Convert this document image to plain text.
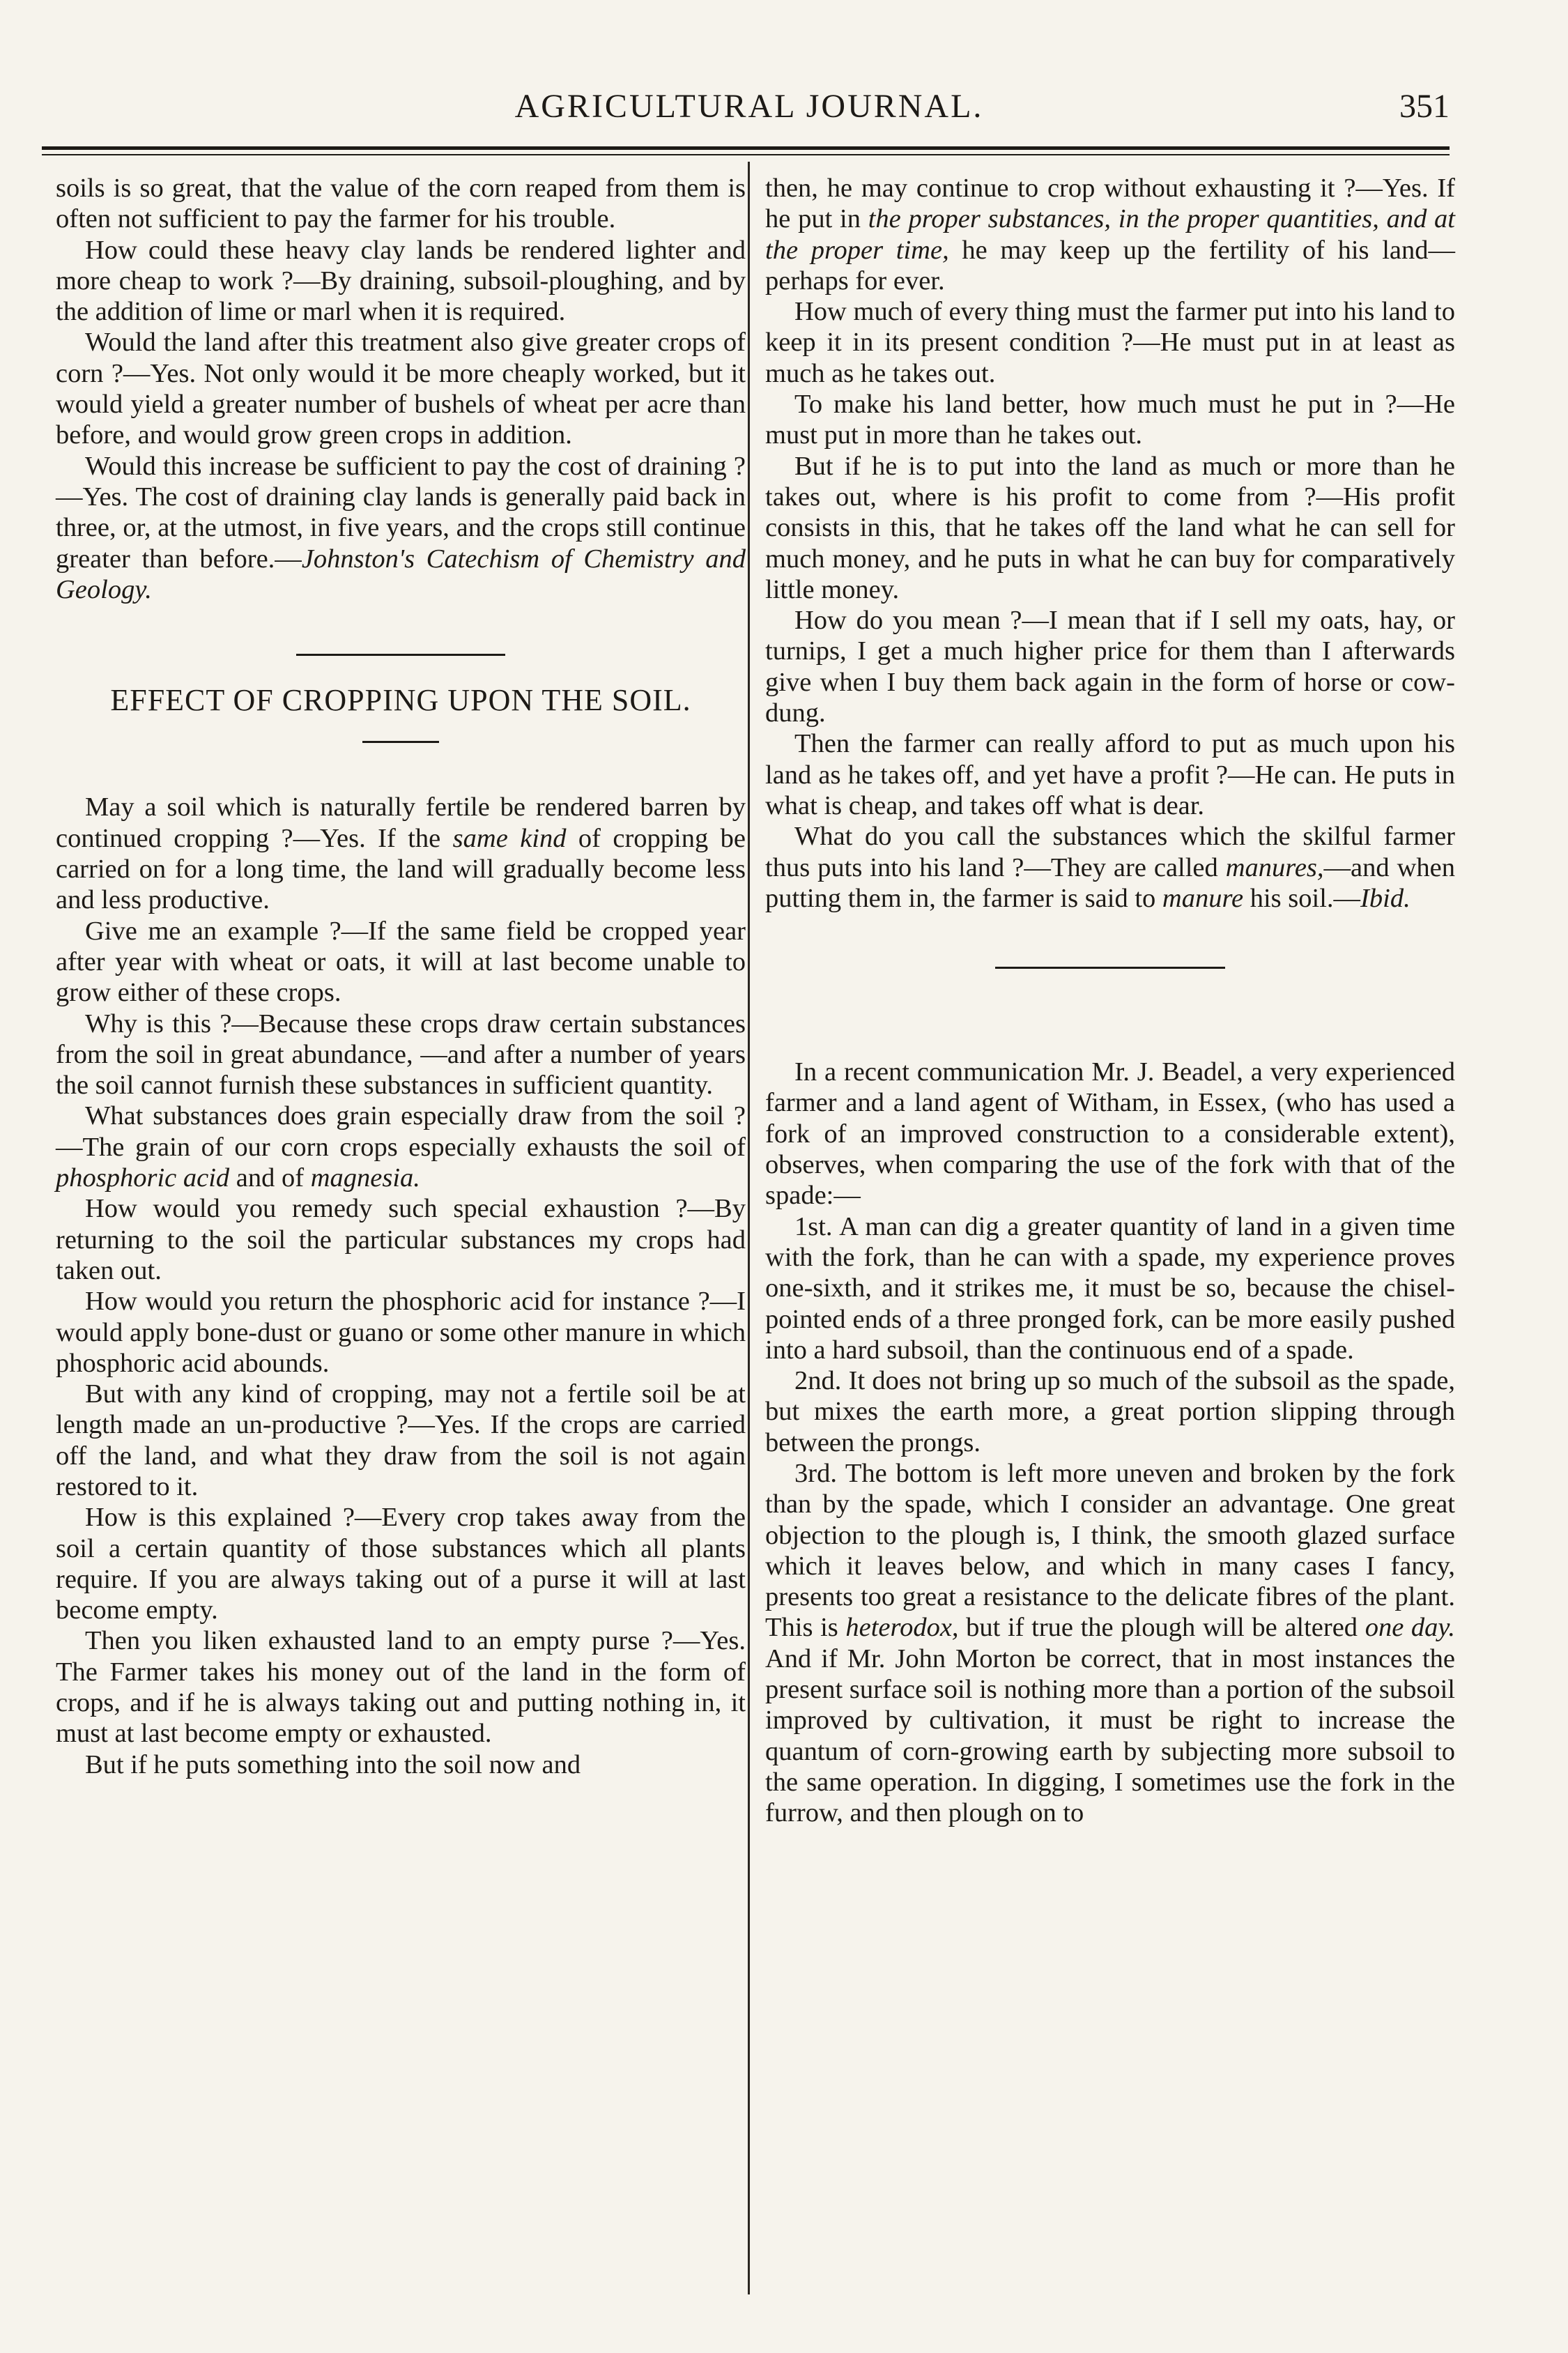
AGRICULTURAL JOURNAL.	351

soils is so great, that the value of the corn reaped from them is often not sufficient to pay the farmer for his trouble.

How could these heavy clay lands be rendered lighter and more cheap to work ?—By draining, subsoil-ploughing, and by the addition of lime or marl when it is required.

Would the land after this treatment also give greater crops of corn ?—Yes. Not only would it be more cheaply worked, but it would yield a greater number of bushels of wheat per acre than before, and would grow green crops in addition.

Would this increase be sufficient to pay the cost of draining ?—Yes. The cost of draining clay lands is generally paid back in three, or, at the utmost, in five years, and the crops still continue greater than before.—Johnston's Catechism of Chemistry and Geology.

EFFECT OF CROPPING UPON THE SOIL.

May a soil which is naturally fertile be rendered barren by continued cropping ?—Yes. If the same kind of cropping be carried on for a long time, the land will gradually become less and less productive.

Give me an example ?—If the same field be cropped year after year with wheat or oats, it will at last become unable to grow either of these crops.

Why is this ?—Because these crops draw certain substances from the soil in great abundance, —and after a number of years the soil cannot furnish these substances in sufficient quantity.

What substances does grain especially draw from the soil ?—The grain of our corn crops especially exhausts the soil of phosphoric acid and of magnesia.

How would you remedy such special exhaustion ?—By returning to the soil the particular substances my crops had taken out.

How would you return the phosphoric acid for instance ?—I would apply bone-dust or guano or some other manure in which phosphoric acid abounds.

But with any kind of cropping, may not a fertile soil be at length made an un-productive ?—Yes. If the crops are carried off the land, and what they draw from the soil is not again restored to it.

How is this explained ?—Every crop takes away from the soil a certain quantity of those substances which all plants require. If you are always taking out of a purse it will at last become empty.

Then you liken exhausted land to an empty purse ?—Yes. The Farmer takes his money out of the land in the form of crops, and if he is always taking out and putting nothing in, it must at last become empty or exhausted.

But if he puts something into the soil now and

then, he may continue to crop without exhausting it ?—Yes. If he put in the proper substances, in the proper quantities, and at the proper time, he may keep up the fertility of his land—perhaps for ever.

How much of every thing must the farmer put into his land to keep it in its present condition ?—He must put in at least as much as he takes out.

To make his land better, how much must he put in ?—He must put in more than he takes out.

But if he is to put into the land as much or more than he takes out, where is his profit to come from ?—His profit consists in this, that he takes off the land what he can sell for much money, and he puts in what he can buy for comparatively little money.

How do you mean ?—I mean that if I sell my oats, hay, or turnips, I get a much higher price for them than I afterwards give when I buy them back again in the form of horse or cow-dung.

Then the farmer can really afford to put as much upon his land as he takes off, and yet have a profit ?—He can. He puts in what is cheap, and takes off what is dear.

What do you call the substances which the skilful farmer thus puts into his land ?—They are called manures,—and when putting them in, the farmer is said to manure his soil.—Ibid.

In a recent communication Mr. J. Beadel, a very experienced farmer and a land agent of Witham, in Essex, (who has used a fork of an improved construction to a considerable extent), observes, when comparing the use of the fork with that of the spade:—

1st. A man can dig a greater quantity of land in a given time with the fork, than he can with a spade, my experience proves one-sixth, and it strikes me, it must be so, because the chisel-pointed ends of a three pronged fork, can be more easily pushed into a hard subsoil, than the continuous end of a spade.

2nd. It does not bring up so much of the subsoil as the spade, but mixes the earth more, a great portion slipping through between the prongs.

3rd. The bottom is left more uneven and broken by the fork than by the spade, which I consider an advantage. One great objection to the plough is, I think, the smooth glazed surface which it leaves below, and which in many cases I fancy, presents too great a resistance to the delicate fibres of the plant. This is heterodox, but if true the plough will be altered one day. And if Mr. John Morton be correct, that in most instances the present surface soil is nothing more than a portion of the subsoil improved by cultivation, it must be right to increase the quantum of corn-growing earth by subjecting more subsoil to the same operation. In digging, I sometimes use the fork in the furrow, and then plough on to
